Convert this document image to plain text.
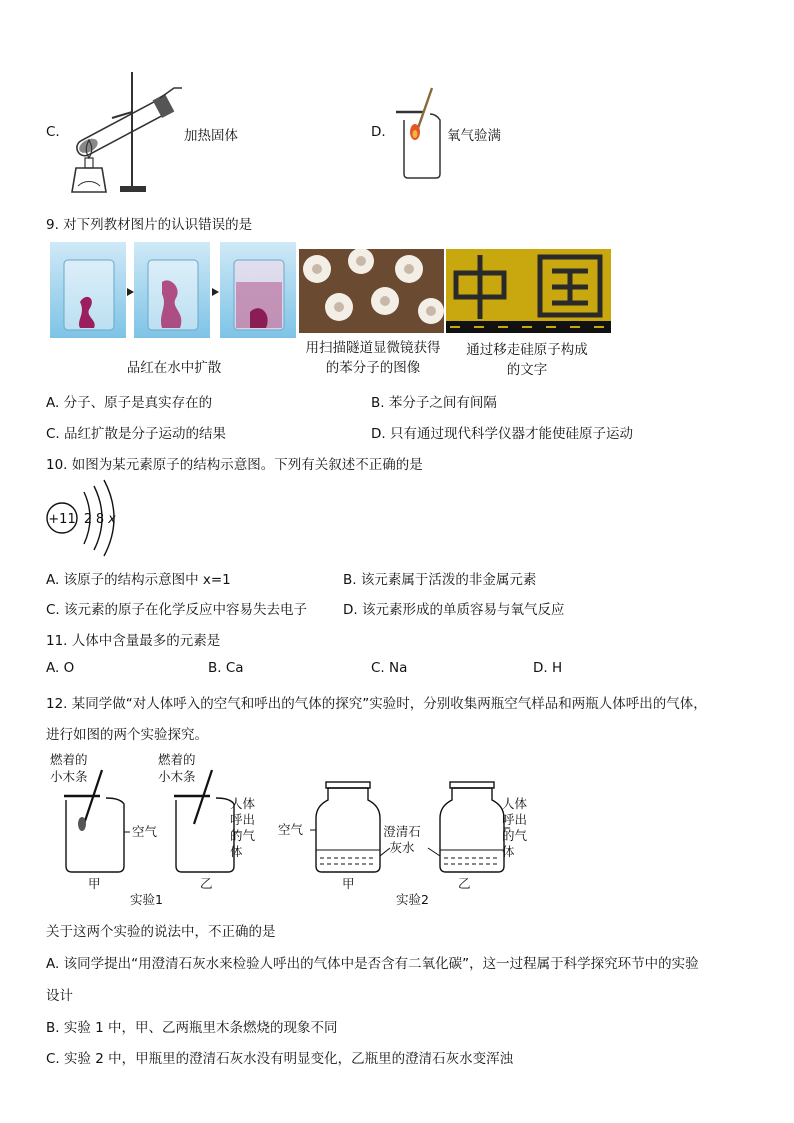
C.	加热固体	D.	氧气验满
9. 对下列教材图片的认识错误的是
品红在水中扩散
用扫描隧道显微镜获得的苯分子的图像
通过移走硅原子构成的文字
A. 分子、原子是真实存在的	B. 苯分子之间有间隔
C. 品红扩散是分子运动的结果	D. 只有通过现代科学仪器才能使硅原子运动
10. 如图为某元素原子的结构示意图。下列有关叙述不正确的是
+11 2 8 x
A. 该原子的结构示意图中 x=1	B. 该元素属于活泼的非金属元素
C. 该元素的原子在化学反应中容易失去电子	D. 该元素形成的单质容易与氧气反应
11. 人体中含量最多的元素是
A. O	B. Ca	C. Na	D. H
12. 某同学做“对人体呼入的空气和呼出的气体的探究”实验时，分别收集两瓶空气样品和两瓶人体呼出的气体，
进行如图的两个实验探究。
燃着的 小木条
燃着的 小木条
空气
甲	乙
人体呼出的气体
实验1
空气
甲
澄清石灰水
乙
人体呼出的气体
实验2
关于这两个实验的说法中，不正确的是
A. 该同学提出“用澄清石灰水来检验人呼出的气体中是否含有二氧化碳”，这一过程属于科学探究环节中的实验
设计
B. 实验 1 中，甲、乙两瓶里木条燃烧的现象不同
C. 实验 2 中，甲瓶里的澄清石灰水没有明显变化，乙瓶里的澄清石灰水变浑浊
